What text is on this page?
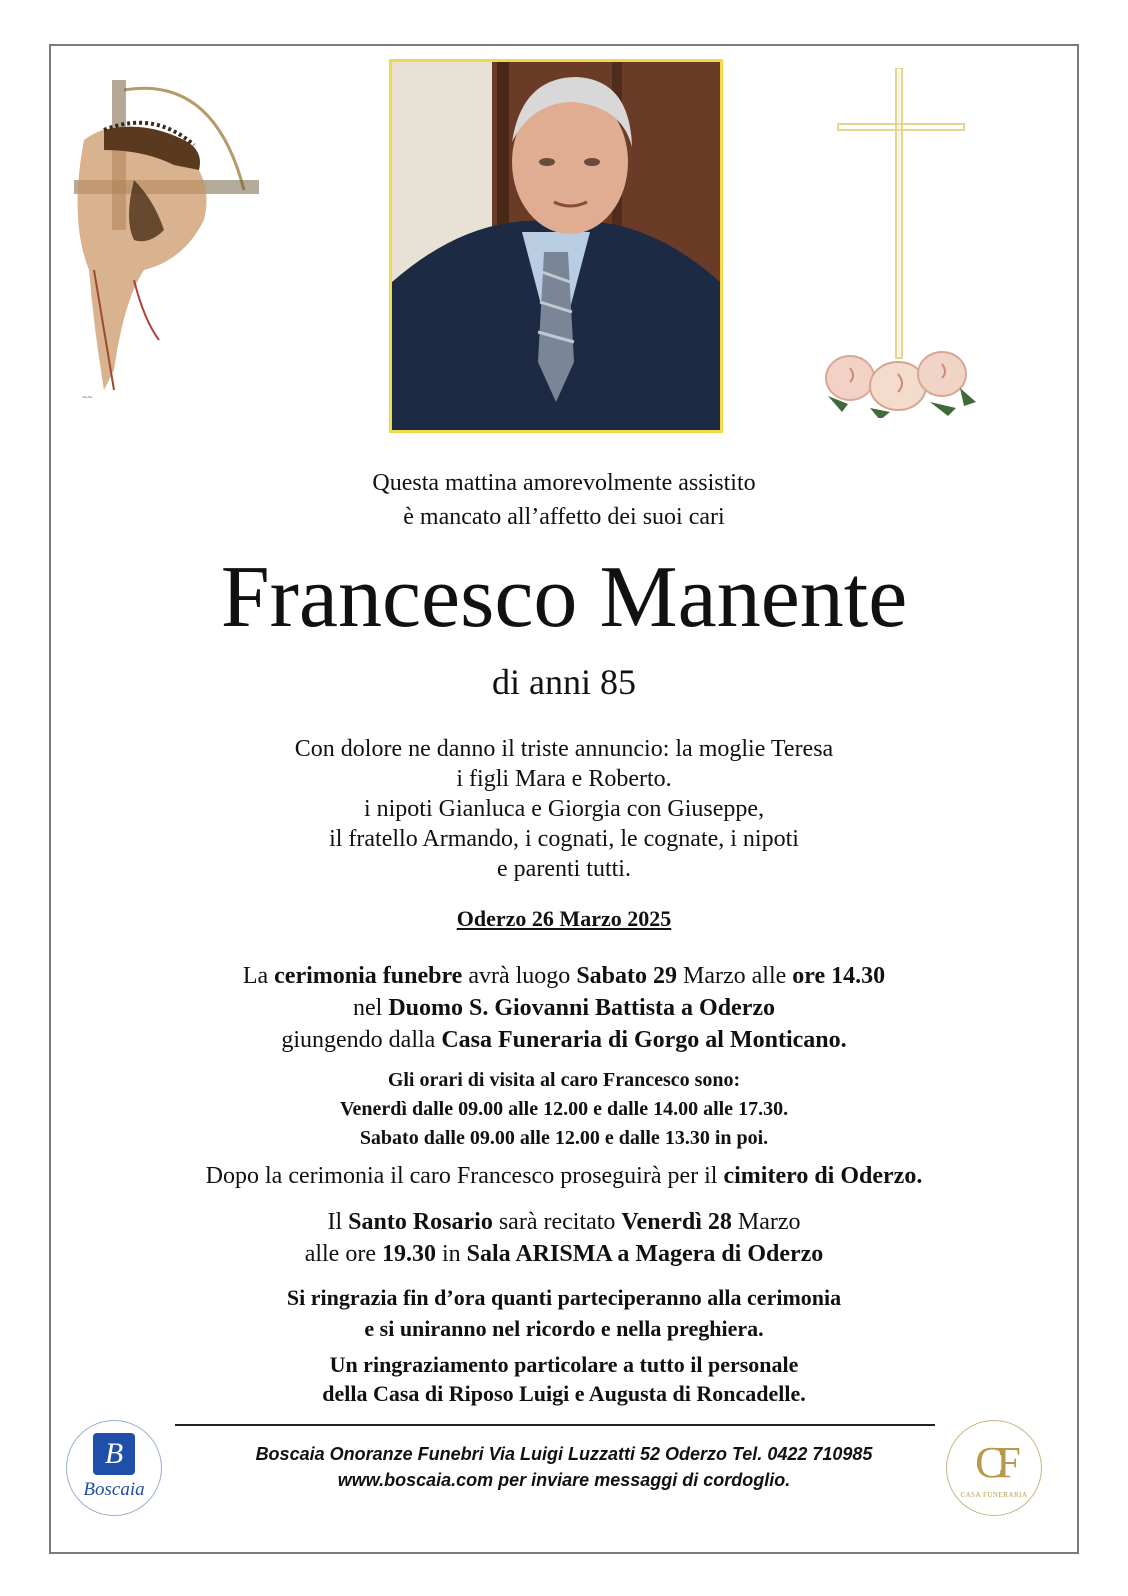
~~
Questa mattina amorevolmente assistito
è mancato all’affetto dei suoi cari
Francesco Manente
di anni 85
Con dolore ne danno il triste annuncio: la moglie Teresa
i figli Mara e Roberto.
i nipoti Gianluca e Giorgia con Giuseppe,
il fratello Armando, i cognati, le cognate, i nipoti
e parenti tutti.
Oderzo 26 Marzo 2025
La cerimonia funebre avrà luogo Sabato 29 Marzo alle ore 14.30
nel Duomo S. Giovanni Battista a Oderzo
giungendo dalla Casa Funeraria di Gorgo al Monticano.
Gli orari di visita al caro Francesco sono:
Venerdì dalle 09.00 alle 12.00 e dalle 14.00 alle 17.30.
Sabato dalle 09.00 alle 12.00 e dalle 13.30 in poi.
Dopo la cerimonia il caro Francesco proseguirà per il cimitero di Oderzo.
Il Santo Rosario sarà recitato Venerdì 28 Marzo
alle ore 19.30 in Sala ARISMA a Magera di Oderzo
Si ringrazia fin d’ora quanti parteciperanno alla cerimonia
e si uniranno nel ricordo e nella preghiera.
Un ringraziamento particolare a tutto il personale
della Casa di Riposo Luigi e Augusta di Roncadelle.
Boscaia Onoranze Funebri Via Luigi Luzzatti 52 Oderzo Tel. 0422 710985
www.boscaia.com per inviare messaggi di cordoglio.
B
Boscaia
CF
CASA FUNERARIA
